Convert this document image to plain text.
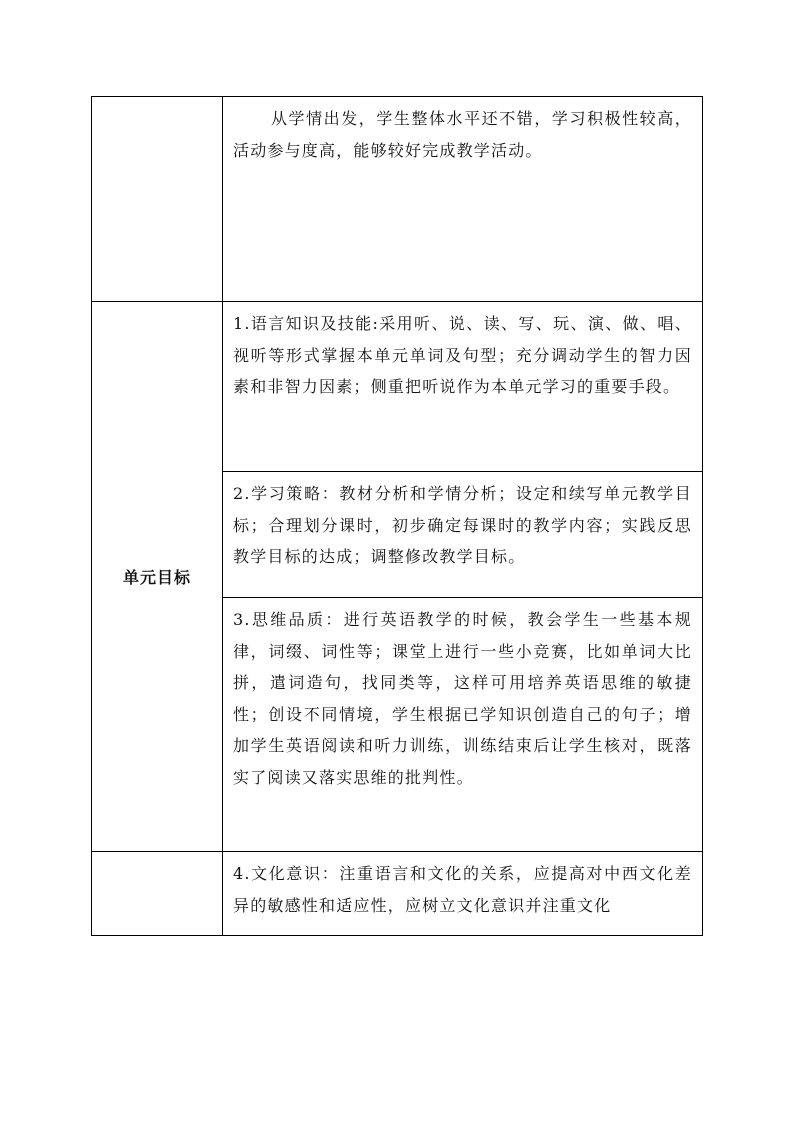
	从学情出发，学生整体水平还不错，学习积极性较高，活动参与度高，能够较好完成教学活动。

单元目标	1.语言知识及技能:采用听、说、读、写、玩、演、做、唱、视听等形式掌握本单元单词及句型；充分调动学生的智力因素和非智力因素；侧重把听说作为本单元学习的重要手段。

	2.学习策略：教材分析和学情分析；设定和续写单元教学目标；合理划分课时，初步确定每课时的教学内容；实践反思教学目标的达成；调整修改教学目标。

	3.思维品质：进行英语教学的时候，教会学生一些基本规律，词缀、词性等；课堂上进行一些小竞赛，比如单词大比拼，遣词造句，找同类等，这样可用培养英语思维的敏捷性；创设不同情境，学生根据已学知识创造自己的句子；增加学生英语阅读和听力训练，训练结束后让学生核对，既落实了阅读又落实思维的批判性。

	4.文化意识：注重语言和文化的关系，应提高对中西文化差异的敏感性和适应性，应树立文化意识并注重文化
